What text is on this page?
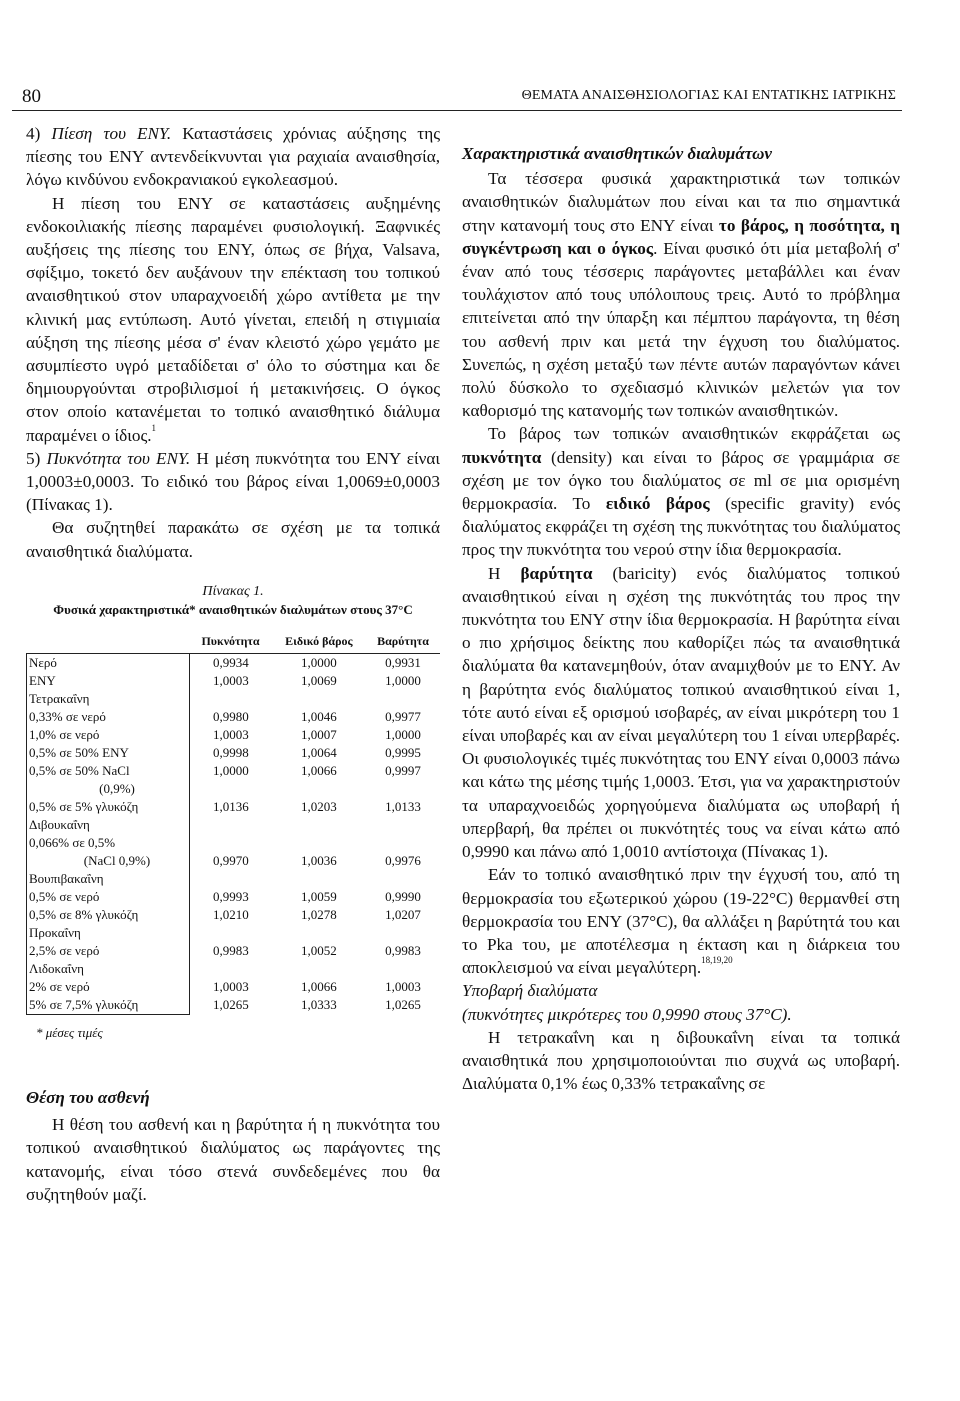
80	ΘΕΜΑΤΑ ΑΝΑΙΣΘΗΣΙΟΛΟΓΙΑΣ ΚΑΙ ΕΝΤΑΤΙΚΗΣ ΙΑΤΡΙΚΗΣ

4) Πίεση του ΕΝΥ. Καταστάσεις χρόνιας αύξησης της πίεσης του ΕΝΥ αντενδείκνυνται για ραχιαία αναισθησία, λόγω κινδύνου ενδοκρανιακού εγκολεασμού.

Η πίεση του ΕΝΥ σε καταστάσεις αυξημένης ενδοκοιλιακής πίεσης παραμένει φυσιολογική. Ξαφνικές αυξήσεις της πίεσης του ΕΝΥ, όπως σε βήχα, Valsava, σφίξιμο, τοκετό δεν αυξάνουν την επέκταση του τοπικού αναισθητικού στον υπαραχνοειδή χώρο αντίθετα με την κλινική μας εντύπωση. Αυτό γίνεται, επειδή η στιγμιαία αύξηση της πίεσης μέσα σ' έναν κλειστό χώρο γεμάτο με ασυμπίεστο υγρό μεταδίδεται σ' όλο το σύστημα και δε δημιουργούνται στροβιλισμοί ή μετακινήσεις. Ο όγκος στον οποίο κατανέμεται το τοπικό αναισθητικό διάλυμα παραμένει ο ίδιος.$^1$

5) Πυκνότητα του ΕΝΥ. Η μέση πυκνότητα του ΕΝΥ είναι 1,0003±0,0003. Το ειδικό του βάρος είναι 1,0069±0,0003 (Πίνακας 1).

Θα συζητηθεί παρακάτω σε σχέση με τα τοπικά αναισθητικά διαλύματα.

Πίνακας 1.
Φυσικά χαρακτηριστικά* αναισθητικών διαλυμάτων στους 37°C
	Πυκνότητα	Ειδικό βάρος	Βαρύτητα
Νερό	0,9934	1,0000	0,9931
ΕΝΥ	1,0003	1,0069	1,0000
Τετρακαΐνη			
0,33% σε νερό	0,9980	1,0046	0,9977
1,0% σε νερό	1,0003	1,0007	1,0000
0,5% σε 50% ΕΝΥ	0,9998	1,0064	0,9995
0,5% σε 50% NaCl	1,0000	1,0066	0,9997
(0,9%)			
0,5% σε 5% γλυκόζη	1,0136	1,0203	1,0133
Διβουκαΐνη			
0,066% σε 0,5%			
(NaCl 0,9%)	0,9970	1,0036	0,9976
Βουπιβακαΐνη			
0,5% σε νερό	0,9993	1,0059	0,9990
0,5% σε 8% γλυκόζη	1,0210	1,0278	1,0207
Προκαΐνη			
2,5% σε νερό	0,9983	1,0052	0,9983
Λιδοκαΐνη			
2% σε νερό	1,0003	1,0066	1,0003
5% σε 7,5% γλυκόζη	1,0265	1,0333	1,0265

* μέσες τιμές

Θέση του ασθενή

Η θέση του ασθενή και η βαρύτητα ή η πυκνότητα του τοπικού αναισθητικού διαλύματος ως παράγοντες της κατανομής, είναι τόσο στενά συνδεδεμένες που θα συζητηθούν μαζί.

Χαρακτηριστικά αναισθητικών διαλυμάτων

Τα τέσσερα φυσικά χαρακτηριστικά των τοπικών αναισθητικών διαλυμάτων που είναι και τα πιο σημαντικά στην κατανομή τους στο ΕΝΥ είναι το βάρος, η ποσότητα, η συγκέντρωση και ο όγκος. Είναι φυσικό ότι μία μεταβολή σ' έναν από τους τέσσερις παράγοντες μεταβάλλει και έναν τουλάχιστον από τους υπόλοιπους τρεις. Αυτό το πρόβλημα επιτείνεται από την ύπαρξη και πέμπτου παράγοντα, τη θέση του ασθενή πριν και μετά την έγχυση του διαλύματος. Συνεπώς, η σχέση μεταξύ των πέντε αυτών παραγόντων κάνει πολύ δύσκολο το σχεδιασμό κλινικών μελετών για τον καθορισμό της κατανομής των τοπικών αναισθητικών.

Το βάρος των τοπικών αναισθητικών εκφράζεται ως πυκνότητα (density) και είναι το βάρος σε γραμμάρια σε σχέση με τον όγκο του διαλύματος σε ml σε μια ορισμένη θερμοκρασία. Το ειδικό βάρος (specific gravity) ενός διαλύματος εκφράζει τη σχέση της πυκνότητας του διαλύματος προς την πυκνότητα του νερού στην ίδια θερμοκρασία.

Η βαρύτητα (baricity) ενός διαλύματος τοπικού αναισθητικού είναι η σχέση της πυκνότητάς του προς την πυκνότητα του ΕΝΥ στην ίδια θερμοκρασία. Η βαρύτητα είναι ο πιο χρήσιμος δείκτης που καθορίζει πώς τα αναισθητικά διαλύματα θα κατανεμηθούν, όταν αναμιχθούν με το ΕΝΥ. Αν η βαρύτητα ενός διαλύματος τοπικού αναισθητικού είναι 1, τότε αυτό είναι εξ ορισμού ισοβαρές, αν είναι μικρότερη του 1 είναι υποβαρές και αν είναι μεγαλύτερη του 1 είναι υπερβαρές. Οι φυσιολογικές τιμές πυκνότητας του ΕΝΥ είναι 0,0003 πάνω και κάτω της μέσης τιμής 1,0003. Έτσι, για να χαρακτηριστούν τα υπαραχνοειδώς χορηγούμενα διαλύματα ως υποβαρή ή υπερβαρή, θα πρέπει οι πυκνότητές τους να είναι κάτω από 0,9990 και πάνω από 1,0010 αντίστοιχα (Πίνακας 1).

Εάν το τοπικό αναισθητικό πριν την έγχυσή του, από τη θερμοκρασία του εξωτερικού χώρου (19-22°C) θερμανθεί στη θερμοκρασία του ΕΝΥ (37°C), θα αλλάξει η βαρύτητά του και το Pka του, με αποτέλεσμα η έκταση και η διάρκεια του αποκλεισμού να είναι μεγαλύτερη.$^{18,19,20}$

Υποβαρή διαλύματα

(πυκνότητες μικρότερες του 0,9990 στους 37°C).

Η τετρακαΐνη και η διβουκαΐνη είναι τα τοπικά αναισθητικά που χρησιμοποιούνται πιο συχνά ως υποβαρή. Διαλύματα 0,1% έως 0,33% τετρακαΐνης σε
